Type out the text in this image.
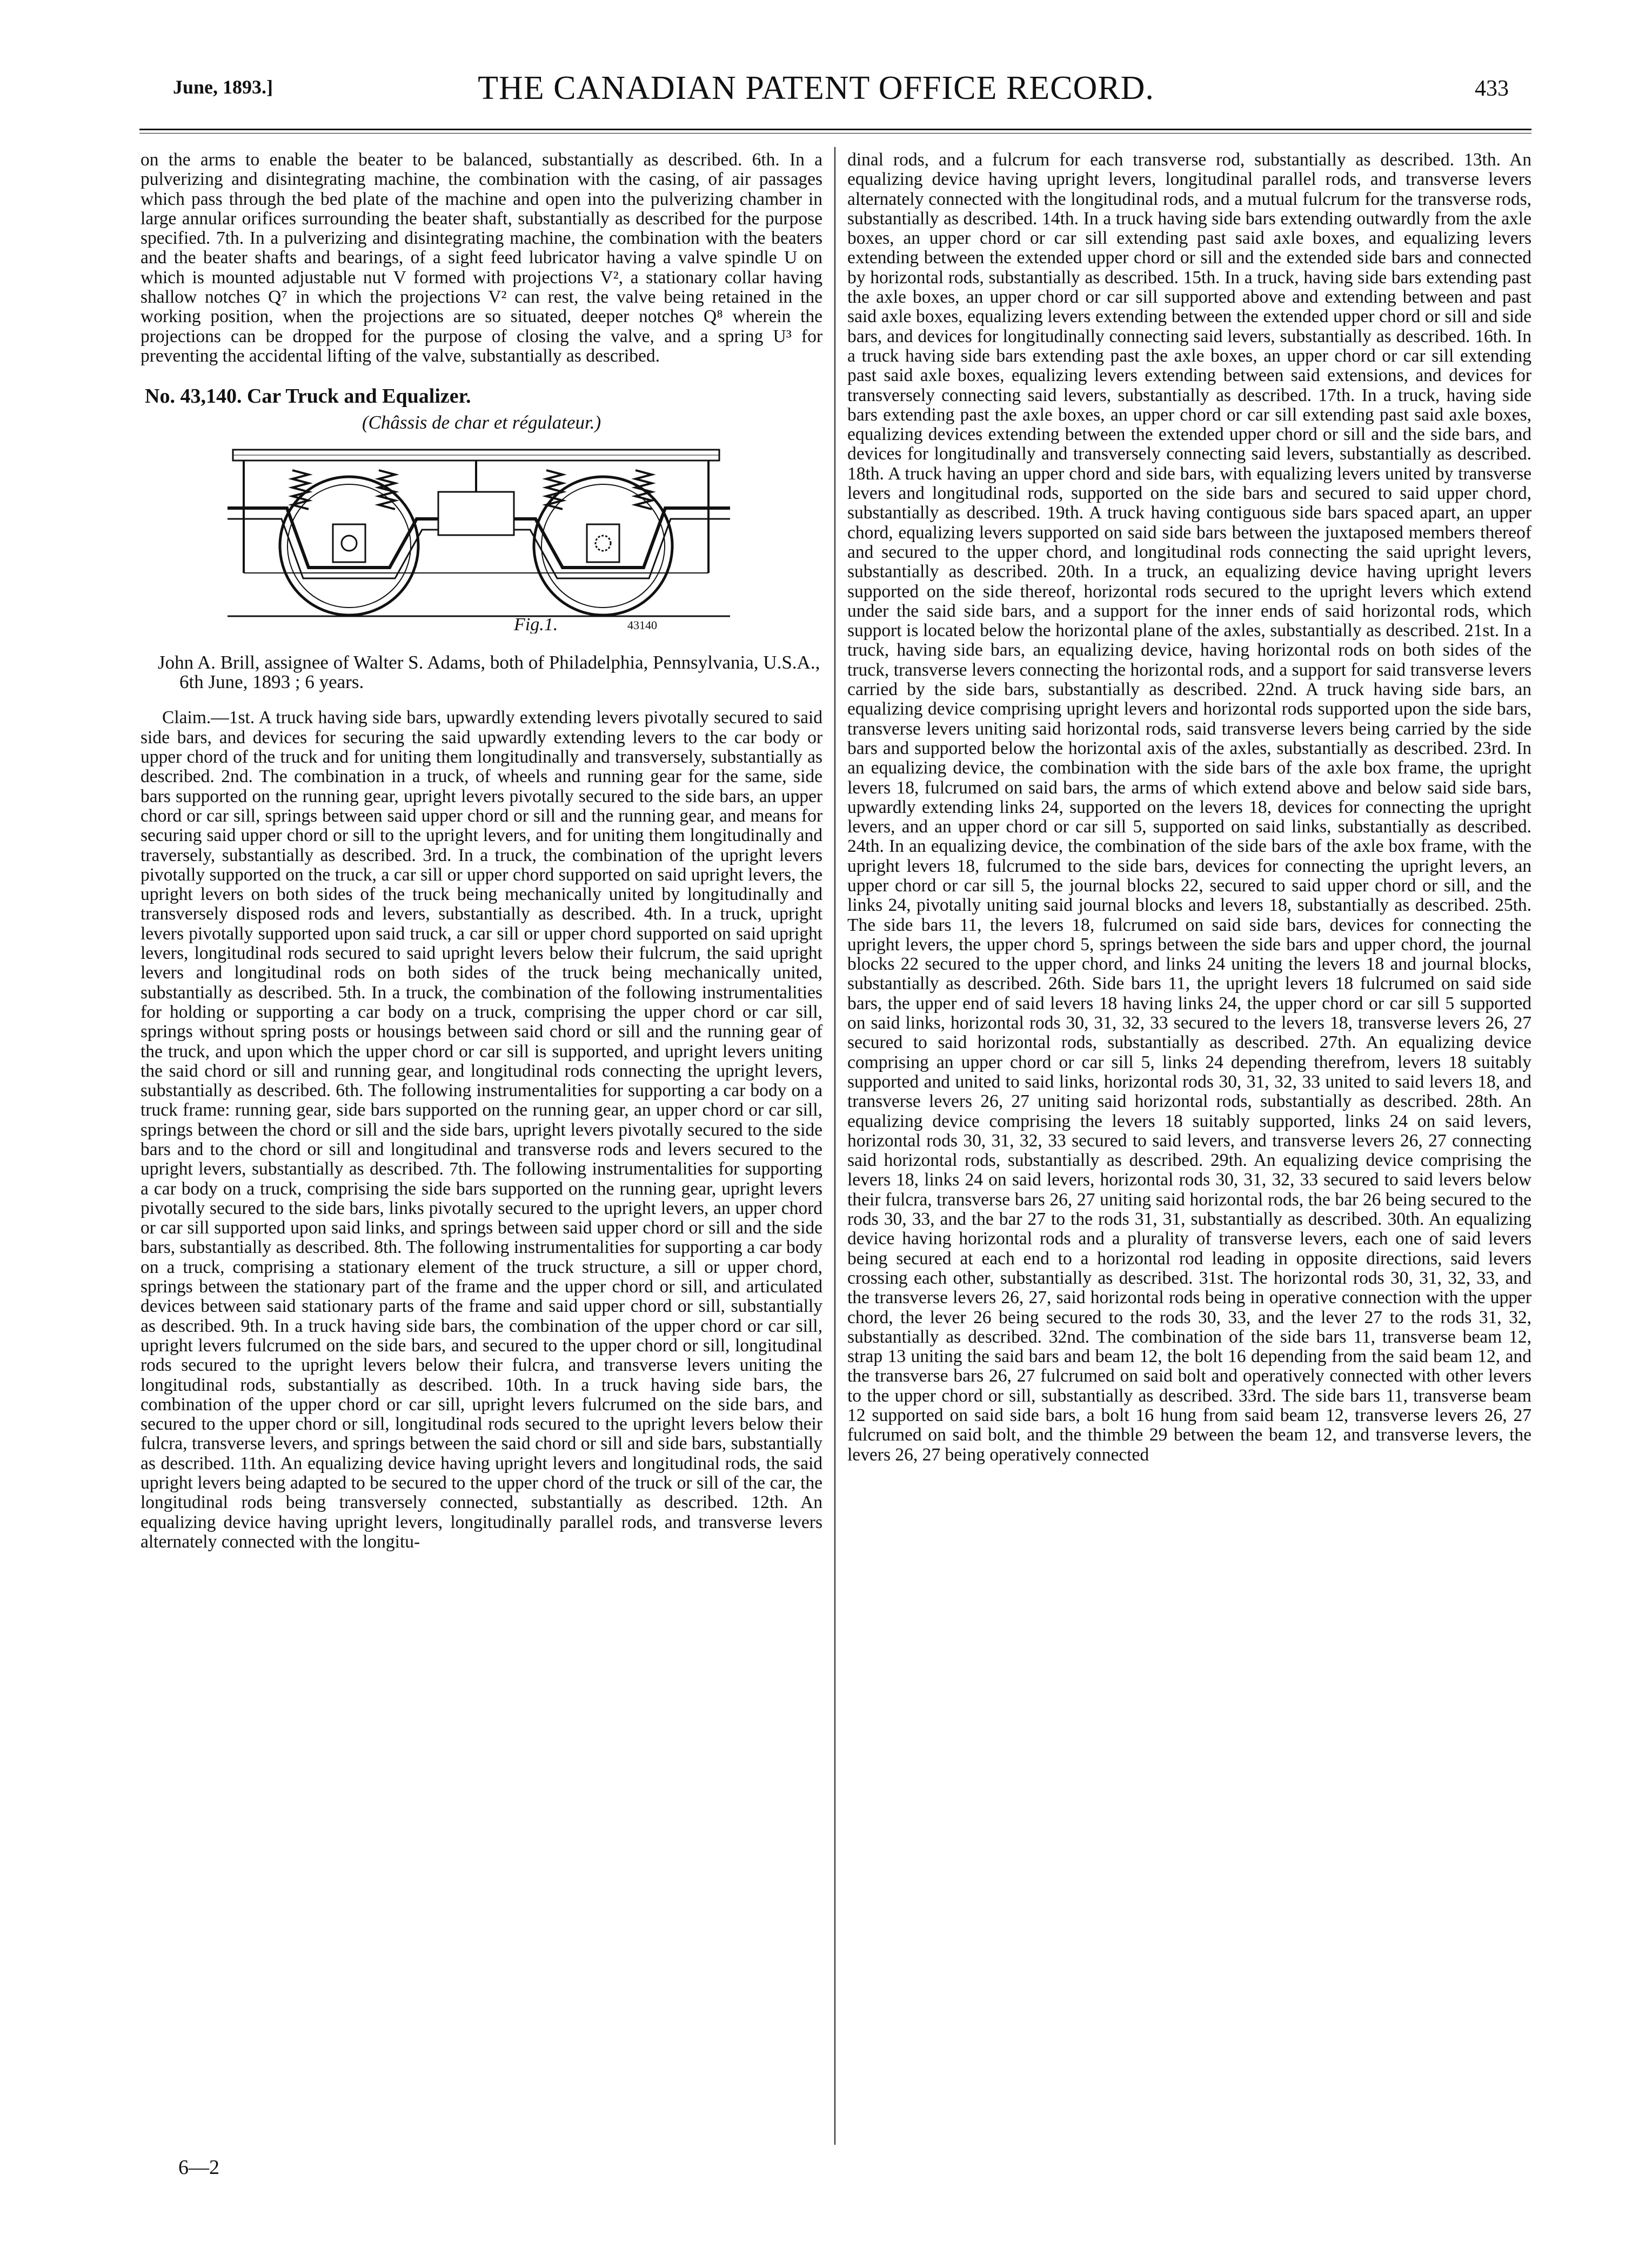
June, 1893.]	THE CANADIAN PATENT OFFICE RECORD.	433

on the arms to enable the beater to be balanced, substantially as described. 6th. In a pulverizing and disintegrating machine, the combination with the casing, of air passages which pass through the bed plate of the machine and open into the pulverizing chamber in large annular orifices surrounding the beater shaft, substantially as described for the purpose specified. 7th. In a pulverizing and disintegrating machine, the combination with the beaters and the beater shafts and bearings, of a sight feed lubricator having a valve spindle U on which is mounted adjustable nut V formed with projections V², a stationary collar having shallow notches Q⁷ in which the projections V² can rest, the valve being retained in the working position, when the projections are so situated, deeper notches Q⁸ wherein the projections can be dropped for the purpose of closing the valve, and a spring U³ for preventing the accidental lifting of the valve, substantially as described.

No. 43,140. Car Truck and Equalizer.

(Châssis de char et régulateur.)

Fig.1.	43140

John A. Brill, assignee of Walter S. Adams, both of Philadelphia, Pennsylvania, U.S.A., 6th June, 1893 ; 6 years.

Claim.—1st. A truck having side bars, upwardly extending levers pivotally secured to said side bars, and devices for securing the said upwardly extending levers to the car body or upper chord of the truck and for uniting them longitudinally and transversely, substantially as described. 2nd. The combination in a truck, of wheels and running gear for the same, side bars supported on the running gear, upright levers pivotally secured to the side bars, an upper chord or car sill, springs between said upper chord or sill and the running gear, and means for securing said upper chord or sill to the upright levers, and for uniting them longitudinally and traversely, substantially as described. 3rd. In a truck, the combination of the upright levers pivotally supported on the truck, a car sill or upper chord supported on said upright levers, the upright levers on both sides of the truck being mechanically united by longitudinally and transversely disposed rods and levers, substantially as described. 4th. In a truck, upright levers pivotally supported upon said truck, a car sill or upper chord supported on said upright levers, longitudinal rods secured to said upright levers below their fulcrum, the said upright levers and longitudinal rods on both sides of the truck being mechanically united, substantially as described. 5th. In a truck, the combination of the following instrumentalities for holding or supporting a car body on a truck, comprising the upper chord or car sill, springs without spring posts or housings between said chord or sill and the running gear of the truck, and upon which the upper chord or car sill is supported, and upright levers uniting the said chord or sill and running gear, and longitudinal rods connecting the upright levers, substantially as described. 6th. The following instrumentalities for supporting a car body on a truck frame: running gear, side bars supported on the running gear, an upper chord or car sill, springs between the chord or sill and the side bars, upright levers pivotally secured to the side bars and to the chord or sill and longitudinal and transverse rods and levers secured to the upright levers, substantially as described. 7th. The following instrumentalities for supporting a car body on a truck, comprising the side bars supported on the running gear, upright levers pivotally secured to the side bars, links pivotally secured to the upright levers, an upper chord or car sill supported upon said links, and springs between said upper chord or sill and the side bars, substantially as described. 8th. The following instrumentalities for supporting a car body on a truck, comprising a stationary element of the truck structure, a sill or upper chord, springs between the stationary part of the frame and the upper chord or sill, and articulated devices between said stationary parts of the frame and said upper chord or sill, substantially as described. 9th. In a truck having side bars, the combination of the upper chord or car sill, upright levers fulcrumed on the side bars, and secured to the upper chord or sill, longitudinal rods secured to the upright levers below their fulcra, and transverse levers uniting the longitudinal rods, substantially as described. 10th. In a truck having side bars, the combination of the upper chord or car sill, upright levers fulcrumed on the side bars, and secured to the upper chord or sill, longitudinal rods secured to the upright levers below their fulcra, transverse levers, and springs between the said chord or sill and side bars, substantially as described. 11th. An equalizing device having upright levers and longitudinal rods, the said upright levers being adapted to be secured to the upper chord of the truck or sill of the car, the longitudinal rods being transversely connected, substantially as described. 12th. An equalizing device having upright levers, longitudinally parallel rods, and transverse levers alternately connected with the longitu-

dinal rods, and a fulcrum for each transverse rod, substantially as described. 13th. An equalizing device having upright levers, longitudinal parallel rods, and transverse levers alternately connected with the longitudinal rods, and a mutual fulcrum for the transverse rods, substantially as described. 14th. In a truck having side bars extending outwardly from the axle boxes, an upper chord or car sill extending past said axle boxes, and equalizing levers extending between the extended upper chord or sill and the extended side bars and connected by horizontal rods, substantially as described. 15th. In a truck, having side bars extending past the axle boxes, an upper chord or car sill supported above and extending between and past said axle boxes, equalizing levers extending between the extended upper chord or sill and side bars, and devices for longitudinally connecting said levers, substantially as described. 16th. In a truck having side bars extending past the axle boxes, an upper chord or car sill extending past said axle boxes, equalizing levers extending between said extensions, and devices for transversely connecting said levers, substantially as described. 17th. In a truck, having side bars extending past the axle boxes, an upper chord or car sill extending past said axle boxes, equalizing devices extending between the extended upper chord or sill and the side bars, and devices for longitudinally and transversely connecting said levers, substantially as described. 18th. A truck having an upper chord and side bars, with equalizing levers united by transverse levers and longitudinal rods, supported on the side bars and secured to said upper chord, substantially as described. 19th. A truck having contiguous side bars spaced apart, an upper chord, equalizing levers supported on said side bars between the juxtaposed members thereof and secured to the upper chord, and longitudinal rods connecting the said upright levers, substantially as described. 20th. In a truck, an equalizing device having upright levers supported on the side thereof, horizontal rods secured to the upright levers which extend under the said side bars, and a support for the inner ends of said horizontal rods, which support is located below the horizontal plane of the axles, substantially as described. 21st. In a truck, having side bars, an equalizing device, having horizontal rods on both sides of the truck, transverse levers connecting the horizontal rods, and a support for said transverse levers carried by the side bars, substantially as described. 22nd. A truck having side bars, an equalizing device comprising upright levers and horizontal rods supported upon the side bars, transverse levers uniting said horizontal rods, said transverse levers being carried by the side bars and supported below the horizontal axis of the axles, substantially as described. 23rd. In an equalizing device, the combination with the side bars of the axle box frame, the upright levers 18, fulcrumed on said bars, the arms of which extend above and below said side bars, upwardly extending links 24, supported on the levers 18, devices for connecting the upright levers, and an upper chord or car sill 5, supported on said links, substantially as described. 24th. In an equalizing device, the combination of the side bars of the axle box frame, with the upright levers 18, fulcrumed to the side bars, devices for connecting the upright levers, an upper chord or car sill 5, the journal blocks 22, secured to said upper chord or sill, and the links 24, pivotally uniting said journal blocks and levers 18, substantially as described. 25th. The side bars 11, the levers 18, fulcrumed on said side bars, devices for connecting the upright levers, the upper chord 5, springs between the side bars and upper chord, the journal blocks 22 secured to the upper chord, and links 24 uniting the levers 18 and journal blocks, substantially as described. 26th. Side bars 11, the upright levers 18 fulcrumed on said side bars, the upper end of said levers 18 having links 24, the upper chord or car sill 5 supported on said links, horizontal rods 30, 31, 32, 33 secured to the levers 18, transverse levers 26, 27 secured to said horizontal rods, substantially as described. 27th. An equalizing device comprising an upper chord or car sill 5, links 24 depending therefrom, levers 18 suitably supported and united to said links, horizontal rods 30, 31, 32, 33 united to said levers 18, and transverse levers 26, 27 uniting said horizontal rods, substantially as described. 28th. An equalizing device comprising the levers 18 suitably supported, links 24 on said levers, horizontal rods 30, 31, 32, 33 secured to said levers, and transverse levers 26, 27 connecting said horizontal rods, substantially as described. 29th. An equalizing device comprising the levers 18, links 24 on said levers, horizontal rods 30, 31, 32, 33 secured to said levers below their fulcra, transverse bars 26, 27 uniting said horizontal rods, the bar 26 being secured to the rods 30, 33, and the bar 27 to the rods 31, 31, substantially as described. 30th. An equalizing device having horizontal rods and a plurality of transverse levers, each one of said levers being secured at each end to a horizontal rod leading in opposite directions, said levers crossing each other, substantially as described. 31st. The horizontal rods 30, 31, 32, 33, and the transverse levers 26, 27, said horizontal rods being in operative connection with the upper chord, the lever 26 being secured to the rods 30, 33, and the lever 27 to the rods 31, 32, substantially as described. 32nd. The combination of the side bars 11, transverse beam 12, strap 13 uniting the said bars and beam 12, the bolt 16 depending from the said beam 12, and the transverse bars 26, 27 fulcrumed on said bolt and operatively connected with other levers to the upper chord or sill, substantially as described. 33rd. The side bars 11, transverse beam 12 supported on said side bars, a bolt 16 hung from said beam 12, transverse levers 26, 27 fulcrumed on said bolt, and the thimble 29 between the beam 12, and transverse levers, the levers 26, 27 being operatively connected

6—2
